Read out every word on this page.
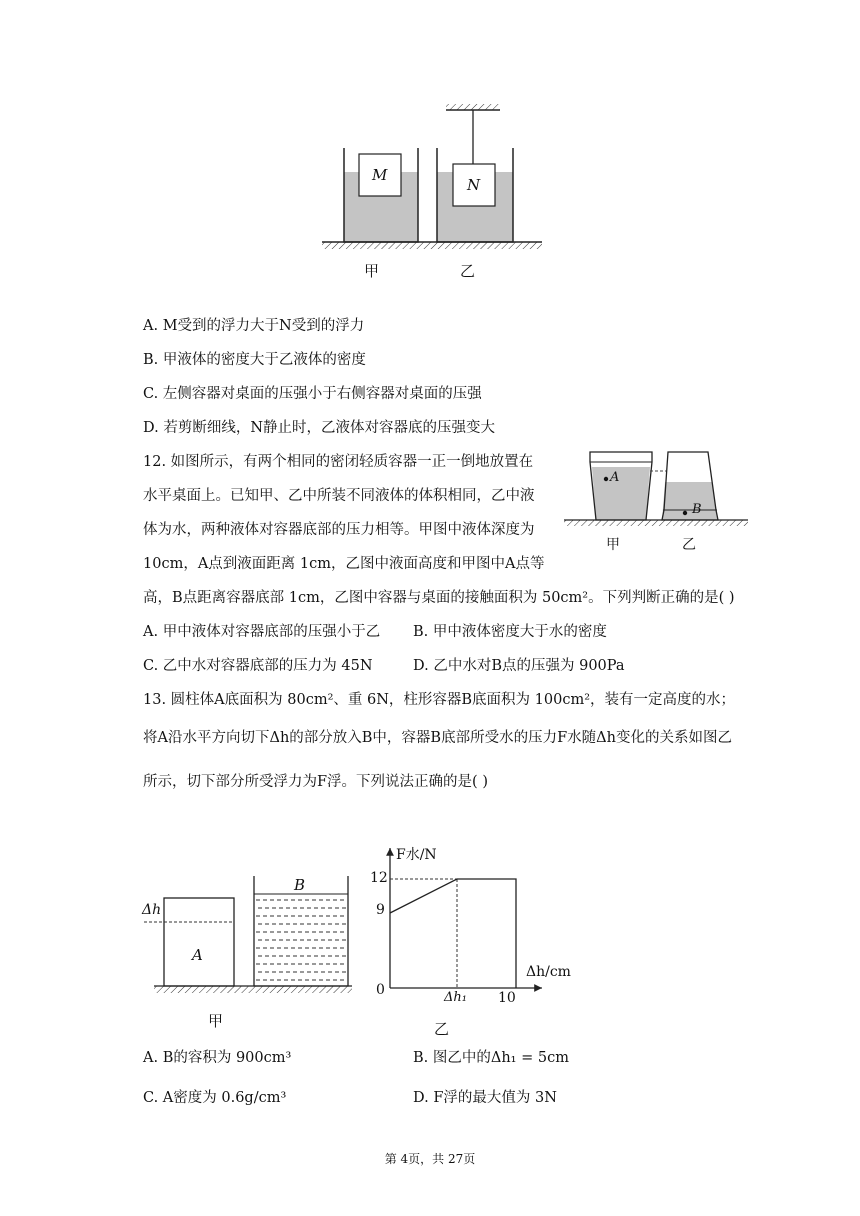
M
N
甲	乙
A. M受到的浮力大于N受到的浮力
B. 甲液体的密度大于乙液体的密度
C. 左侧容器对桌面的压强小于右侧容器对桌面的压强
D. 若剪断细线，N静止时，乙液体对容器底的压强变大
12. 如图所示，有两个相同的密闭轻质容器一正一倒地放置在
水平桌面上。已知甲、乙中所装不同液体的体积相同，乙中液
体为水，两种液体对容器底部的压力相等。甲图中液体深度为
10cm，A点到液面距离 1cm，乙图中液面高度和甲图中A点等
高，B点距离容器底部 1cm，乙图中容器与桌面的接触面积为 50cm²。下列判断正确的是( )
A
B
甲	乙
A. 甲中液体对容器底部的压强小于乙 B. 甲中液体密度大于水的密度
C. 乙中水对容器底部的压力为 45N	D. 乙中水对B点的压强为 900Pa
13. 圆柱体A底面积为 80cm²、重 6N，柱形容器B底面积为 100cm²，装有一定高度的水；
将A沿水平方向切下Δh的部分放入B中，容器B底部所受水的压力F水随Δh变化的关系如图乙
所示，切下部分所受浮力为F浮。下列说法正确的是( )
Δh
A
B
甲
F水/N
12
9
0	Δh₁ 10
Δh/cm
乙
A. B的容积为 900cm³	B. 图乙中的Δh₁ = 5cm
C. A密度为 0.6g/cm³	D. F浮的最大值为 3N
第 4页，共 27页
